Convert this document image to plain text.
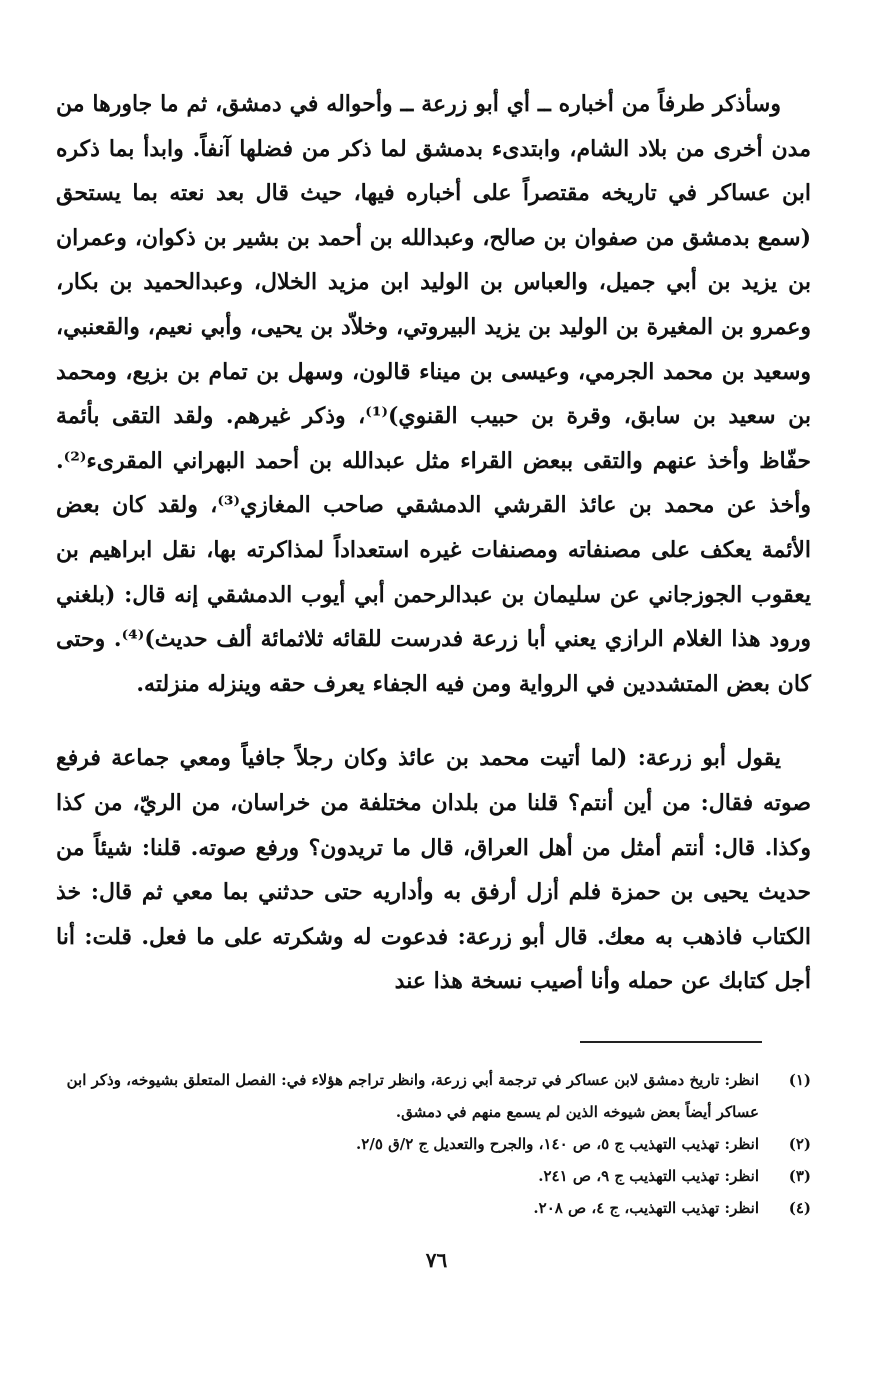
وسأذكر طرفاً من أخباره ــ أي أبو زرعة ــ وأحواله في دمشق، ثم ما جاورها من مدن أخرى من بلاد الشام، وابتدىء بدمشق لما ذكر من فضلها آنفاً. وابدأ بما ذكره ابن عساكر في تاريخه مقتصراً على أخباره فيها، حيث قال بعد نعته بما يستحق (سمع بدمشق من صفوان بن صالح، وعبدالله بن أحمد بن بشير بن ذكوان، وعمران بن يزيد بن أبي جميل، والعباس بن الوليد ابن مزيد الخلال، وعبدالحميد بن بكار، وعمرو بن المغيرة بن الوليد بن يزيد البيروتي، وخلاّد بن يحيى، وأبي نعيم، والقعنبي، وسعيد بن محمد الجرمي، وعيسى بن ميناء قالون، وسهل بن تمام بن بزيع، ومحمد بن سعيد بن سابق، وقرة بن حبيب القنوي)⁽¹⁾، وذكر غيرهم. ولقد التقى بأئمة حفّاظ وأخذ عنهم والتقى ببعض القراء مثل عبدالله بن أحمد البهراني المقرىء⁽²⁾. وأخذ عن محمد بن عائذ القرشي الدمشقي صاحب المغازي⁽³⁾، ولقد كان بعض الأئمة يعكف على مصنفاته ومصنفات غيره استعداداً لمذاكرته بها، نقل ابراهيم بن يعقوب الجوزجاني عن سليمان بن عبدالرحمن أبي أيوب الدمشقي إنه قال: (بلغني ورود هذا الغلام الرازي يعني أبا زرعة فدرست للقائه ثلاثمائة ألف حديث)⁽⁴⁾. وحتى كان بعض المتشددين في الرواية ومن فيه الجفاء يعرف حقه وينزله منزلته.

يقول أبو زرعة: (لما أتيت محمد بن عائذ وكان رجلاً جافياً ومعي جماعة فرفع صوته فقال: من أين أنتم؟ قلنا من بلدان مختلفة من خراسان، من الريّ، من كذا وكذا. قال: أنتم أمثل من أهل العراق، قال ما تريدون؟ ورفع صوته. قلنا: شيئاً من حديث يحيى بن حمزة فلم أزل أرفق به وأداريه حتى حدثني بما معي ثم قال: خذ الكتاب فاذهب به معك. قال أبو زرعة: فدعوت له وشكرته على ما فعل. قلت: أنا أجل كتابك عن حمله وأنا أصيب نسخة هذا عند

(١)
انظر: تاريخ دمشق لابن عساكر في ترجمة أبي زرعة، وانظر تراجم هؤلاء في: الفصل المتعلق بشيوخه، وذكر ابن عساكر أيضاً بعض شيوخه الذين لم يسمع منهم في دمشق.
(٢)
انظر: تهذيب التهذيب ج ٥، ص ١٤٠، والجرح والتعديل ج ٢/ق ٢/٥.
(٣)
انظر: تهذيب التهذيب ج ٩، ص ٢٤١.
(٤)
انظر: تهذيب التهذيب، ج ٤، ص ٢٠٨.
٧٦
